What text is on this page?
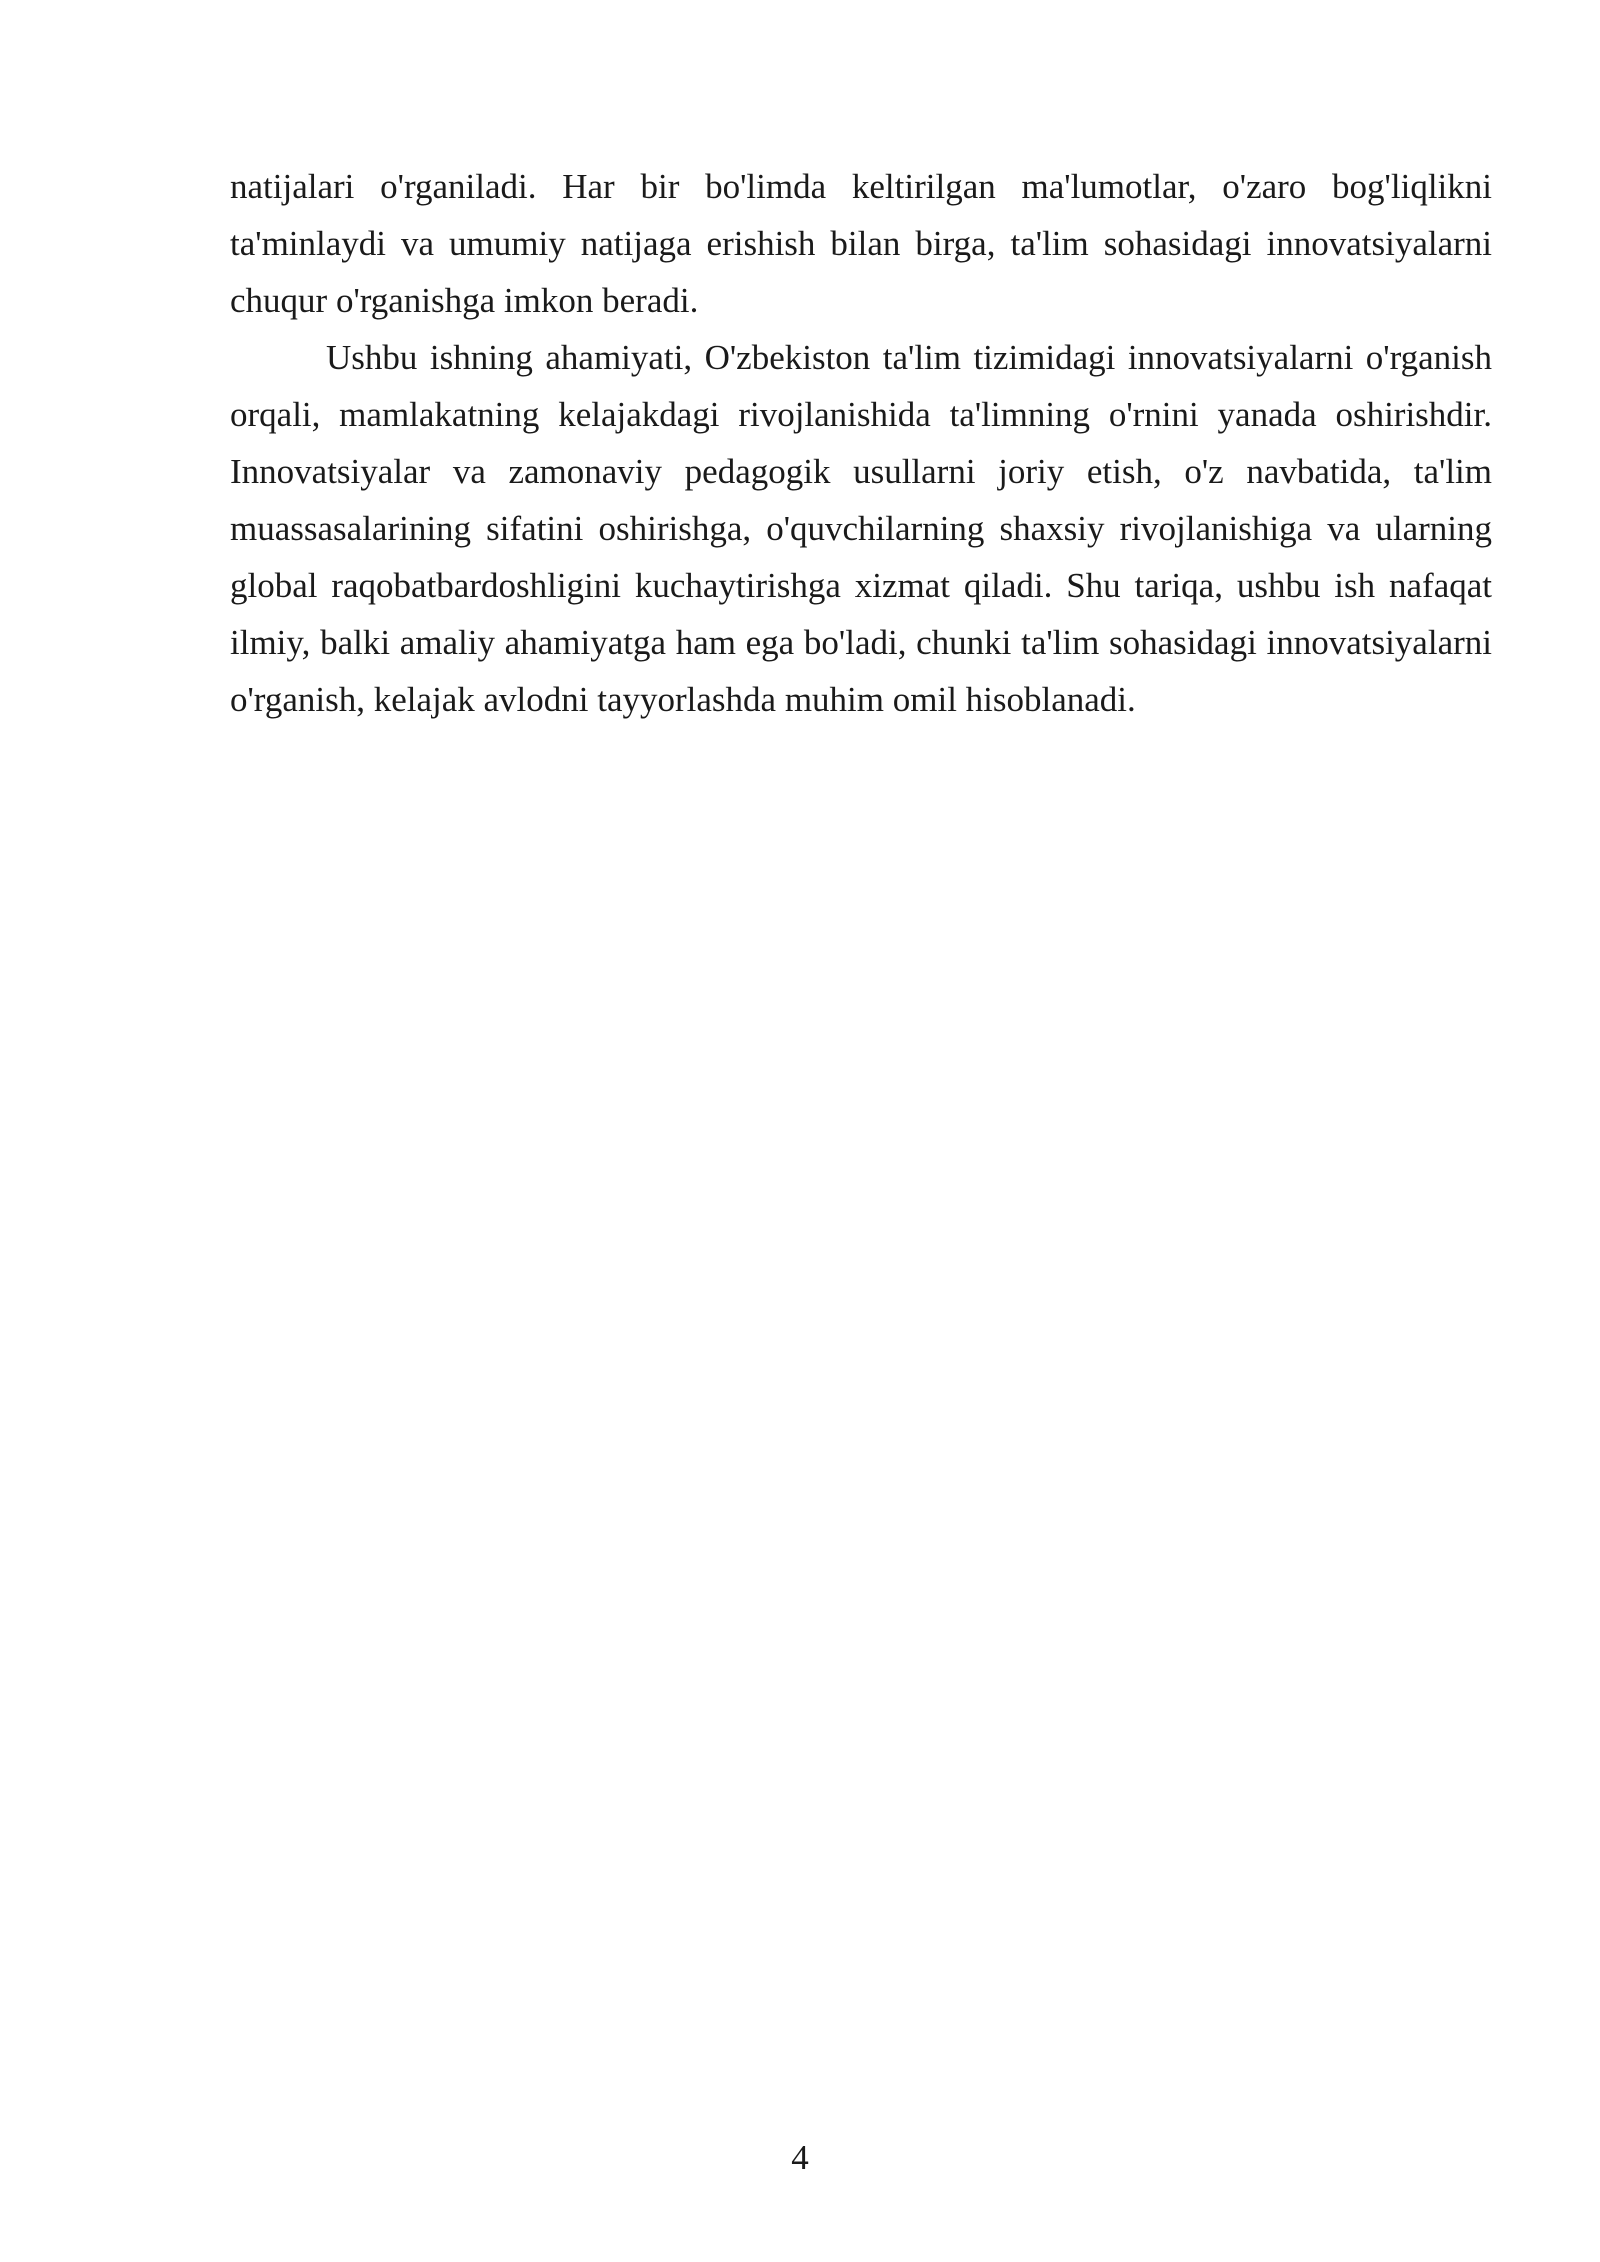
natijalari o'rganiladi. Har bir bo'limda keltirilgan ma'lumotlar, o'zaro bog'liqlikni ta'minlaydi va umumiy natijaga erishish bilan birga, ta'lim sohasidagi innovatsiyalarni chuqur o'rganishga imkon beradi.

Ushbu ishning ahamiyati, O'zbekiston ta'lim tizimidagi innovatsiyalarni o'rganish orqali, mamlakatning kelajakdagi rivojlanishida ta'limning o'rnini yanada oshirishdir. Innovatsiyalar va zamonaviy pedagogik usullarni joriy etish, o'z navbatida, ta'lim muassasalarining sifatini oshirishga, o'quvchilarning shaxsiy rivojlanishiga va ularning global raqobatbardoshligini kuchaytirishga xizmat qiladi. Shu tariqa, ushbu ish nafaqat ilmiy, balki amaliy ahamiyatga ham ega bo'ladi, chunki ta'lim sohasidagi innovatsiyalarni o'rganish, kelajak avlodni tayyorlashda muhim omil hisoblanadi.

4
